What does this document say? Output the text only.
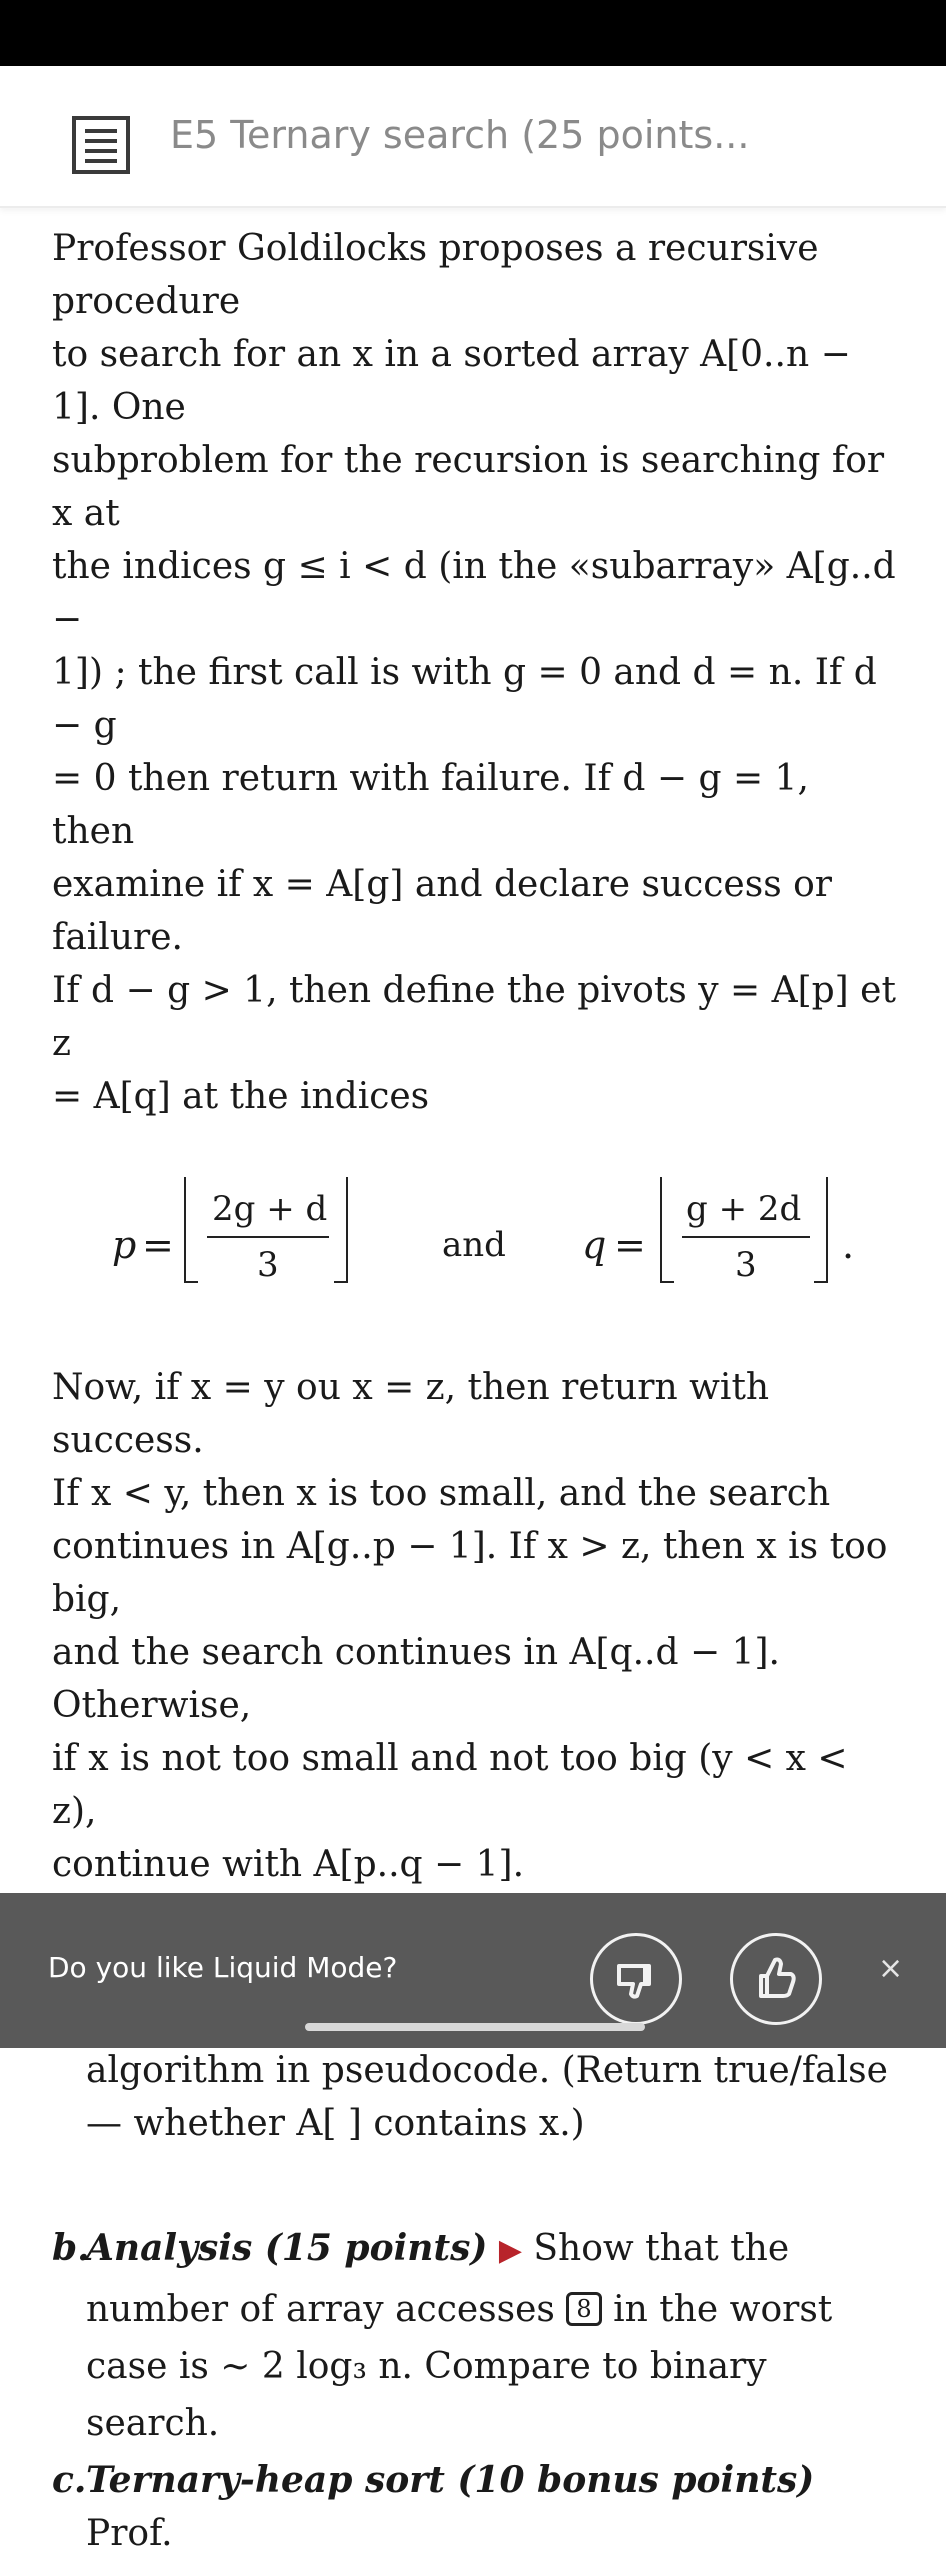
E5 Ternary search (25 points...
Professor Goldilocks proposes a recursive procedure
to search for an x in a sorted array A[0..n − 1]. One
subproblem for the recursion is searching for x at
the indices g ≤ i < d (in the «subarray» A[g..d −
1]) ; the first call is with g = 0 and d = n. If d − g
= 0 then return with failure. If d − g = 1, then
examine if x = A[g] and declare success or failure.
If d − g > 1, then define the pivots y = A[p] et z
= A[q] at the indices
p =
2g + d
3	and q =
g + 2d
3 .
Now, if x = y ou x = z, then return with success.
If x < y, then x is too small, and the search
continues in A[g..p − 1]. If x > z, then x is too big,
and the search continues in A[q..d − 1]. Otherwise,
if x is not too small and not too big (y < x < z),
continue with A[p..q − 1].
algorithm in pseudocode. (Return true/false
— whether A[ ] contains x.)
b.
Analysis (15 points) ▶ Show that the
number of array accesses 8 in the worst
case is ∼ 2 log₃ n. Compare to binary
search.
c. Ternary-heap sort (10 bonus points) Prof.
Do you like Liquid Mode?	×
